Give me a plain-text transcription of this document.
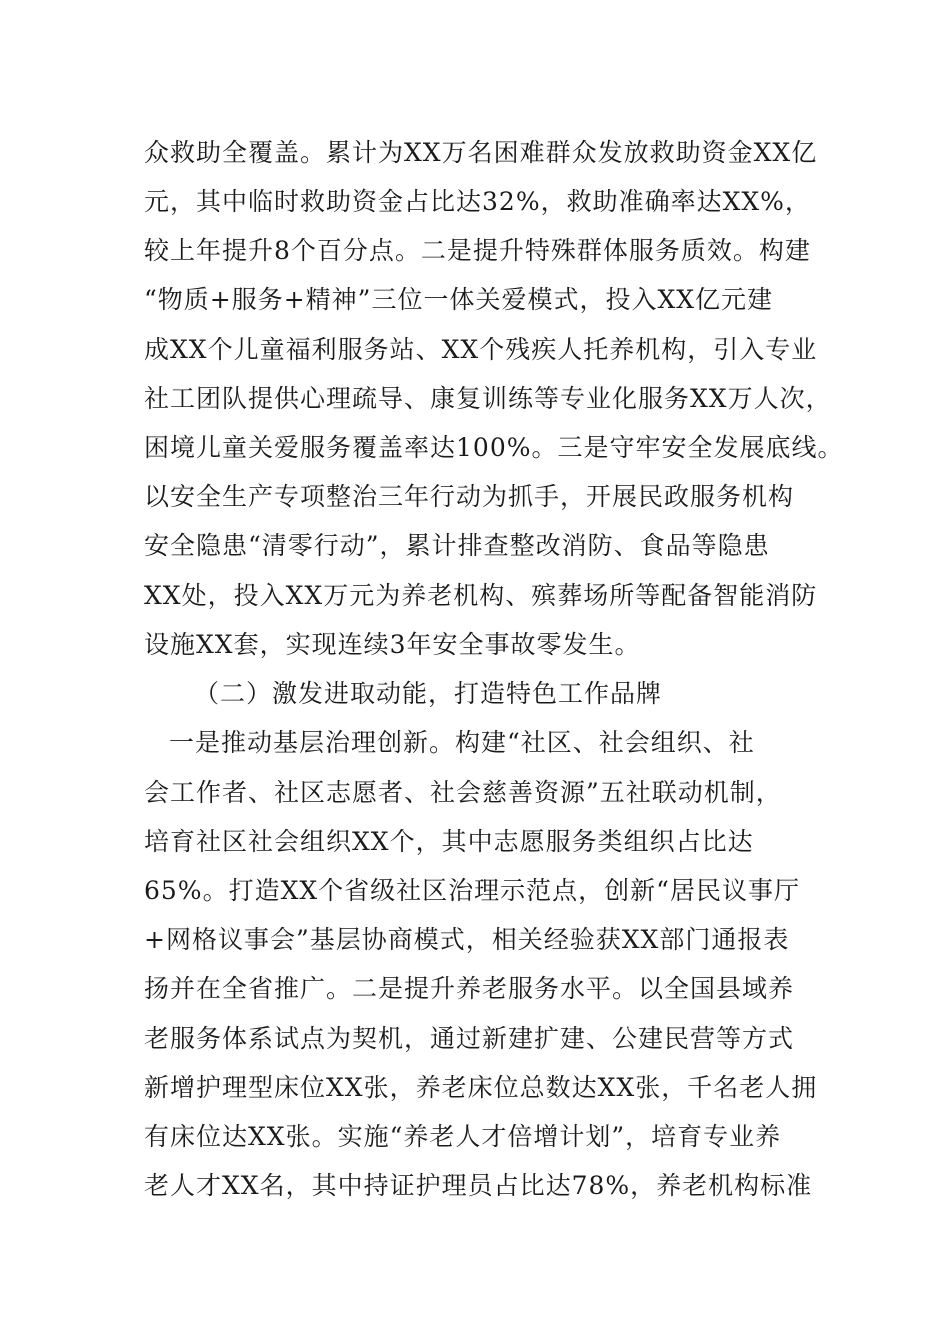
众救助全覆盖。累计为XX万名困难群众发放救助资金XX亿
元，其中临时救助资金占比达32%，救助准确率达XX%，
较上年提升8个百分点。二是提升特殊群体服务质效。构建
“物质+服务+精神”三位一体关爱模式，投入XX亿元建
成XX个儿童福利服务站、XX个残疾人托养机构，引入专业
社工团队提供心理疏导、康复训练等专业化服务XX万人次，
困境儿童关爱服务覆盖率达100%。三是守牢安全发展底线。
以安全生产专项整治三年行动为抓手，开展民政服务机构
安全隐患“清零行动”，累计排查整改消防、食品等隐患
XX处，投入XX万元为养老机构、殡葬场所等配备智能消防
设施XX套，实现连续3年安全事故零发生。
（二）激发进取动能，打造特色工作品牌
一是推动基层治理创新。构建“社区、社会组织、社
会工作者、社区志愿者、社会慈善资源”五社联动机制，
培育社区社会组织XX个，其中志愿服务类组织占比达
65%。打造XX个省级社区治理示范点，创新“居民议事厅
+网格议事会”基层协商模式，相关经验获XX部门通报表
扬并在全省推广。二是提升养老服务水平。以全国县域养
老服务体系试点为契机，通过新建扩建、公建民营等方式
新增护理型床位XX张，养老床位总数达XX张，千名老人拥
有床位达XX张。实施“养老人才倍增计划”，培育专业养
老人才XX名，其中持证护理员占比达78%，养老机构标准
